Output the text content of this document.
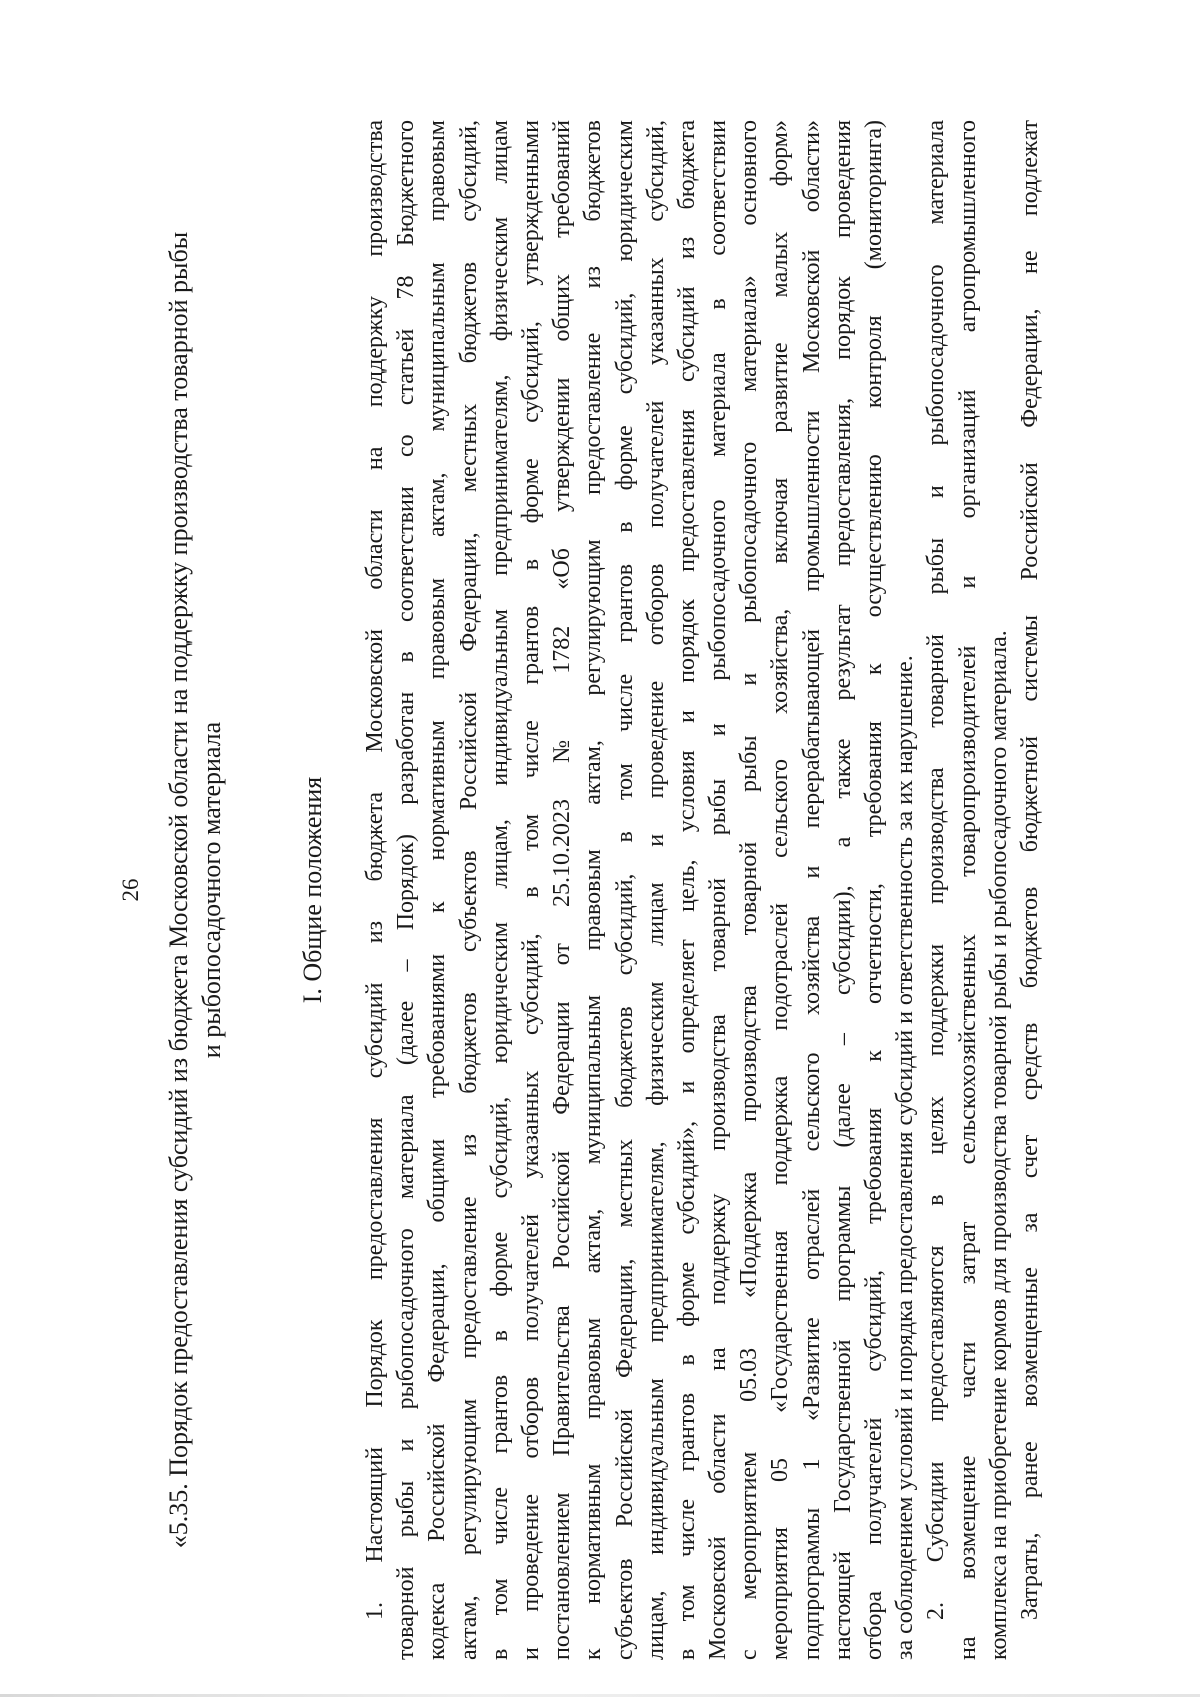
26 «5.35. Порядок предоставления субсидий из бюджета Московской области на поддержку производства товарной рыбы и рыбопосадочного материала	I. Общие положения 1. Настоящий Порядок предоставления субсидий из бюджета Московской области на поддержку производства товарной рыбы и рыбопосадочного материала (далее – Порядок) разработан в соответствии со статьей 78 Бюджетного кодекса Российской Федерации, общими требованиями к нормативным правовым актам, муниципальным правовым актам, регулирующим предоставление из бюджетов субъектов Российской Федерации, местных бюджетов субсидий, в том числе грантов в форме субсидий, юридическим лицам, индивидуальным предпринимателям, физическим лицам и проведение отборов получателей указанных субсидий, в том числе грантов в форме субсидий, утвержденными постановлением Правительства Российской Федерации от 25.10.2023 № 1782 «Об утверждении общих требований к нормативным правовым актам, муниципальным правовым актам, регулирующим предоставление из бюджетов субъектов Российской Федерации, местных бюджетов субсидий, в том числе грантов в форме субсидий, юридическим лицам, индивидуальным предпринимателям, физическим лицам и проведение отборов получателей указанных субсидий, в том числе грантов в форме субсидий», и определяет цель, условия и порядок предоставления субсидий из бюджета Московской области на поддержку производства товарной рыбы и рыбопосадочного материала в соответствии с мероприятием 05.03 «Поддержка производства товарной рыбы и рыбопосадочного материала» основного мероприятия 05 «Государственная поддержка подотраслей сельского хозяйства, включая развитие малых форм» подпрограммы 1 «Развитие отраслей сельского хозяйства и перерабатывающей промышленности Московской области» настоящей Государственной программы (далее – субсидии), а также результат предоставления, порядок проведения отбора получателей субсидий, требования к отчетности, требования к осуществлению контроля (мониторинга) за соблюдением условий и порядка предоставления субсидий и ответственность за их нарушение. 2. Субсидии предоставляются в целях поддержки производства товарной рыбы и рыбопосадочного материала на возмещение части затрат сельскохозяйственных товаропроизводителей и организаций агропромышленного комплекса на приобретение кормов для производства товарной рыбы и рыбопосадочного материала. Затраты, ранее возмещенные за счет средств бюджетов бюджетной системы Российской Федерации, не подлежат
